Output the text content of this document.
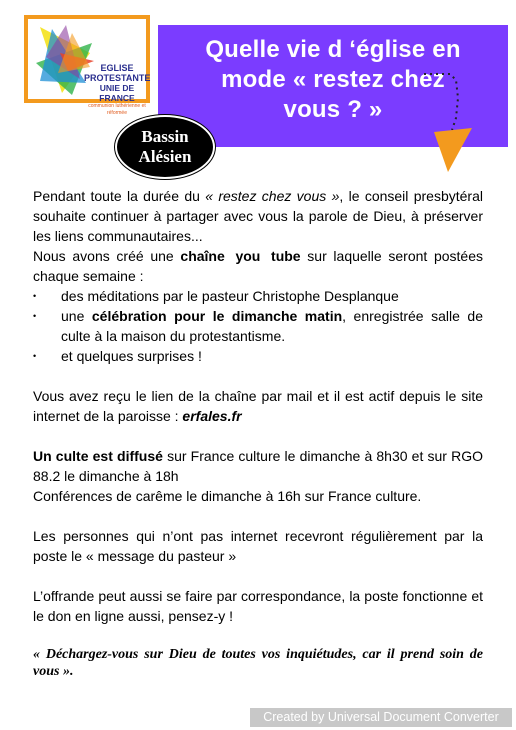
EGLISE PROTESTANTE
UNIE DE FRANCE
communion luthérienne et réformée
Quelle vie d ‘église en
mode « restez chez
vous ? »
Bassin
Alésien

Pendant toute la durée du « restez chez vous », le conseil presbytéral souhaite continuer à partager avec vous la parole de Dieu, à préserver les liens communautaires...

Nous avons créé une chaîne you tube sur laquelle seront postées chaque semaine :

• des méditations par le pasteur Christophe Desplanque
• une célébration pour le dimanche matin, enregistrée salle de culte à la maison du protestantisme.
• et quelques surprises !

Vous avez reçu le lien de la chaîne par mail et il est actif depuis le site internet de la paroisse : erfales.fr

Un culte est diffusé sur France culture le dimanche à 8h30 et sur RGO 88.2 le dimanche à 18h

Conférences de carême le dimanche à 16h sur France culture.

Les personnes qui n’ont pas internet recevront régulièrement par la poste le « message du pasteur »

L’offrande peut aussi se faire par correspondance, la poste fonctionne et le don en ligne aussi, pensez-y !

« Déchargez-vous sur Dieu de toutes vos inquiétudes, car il prend soin de vous ».

Created by Universal Document Converter
